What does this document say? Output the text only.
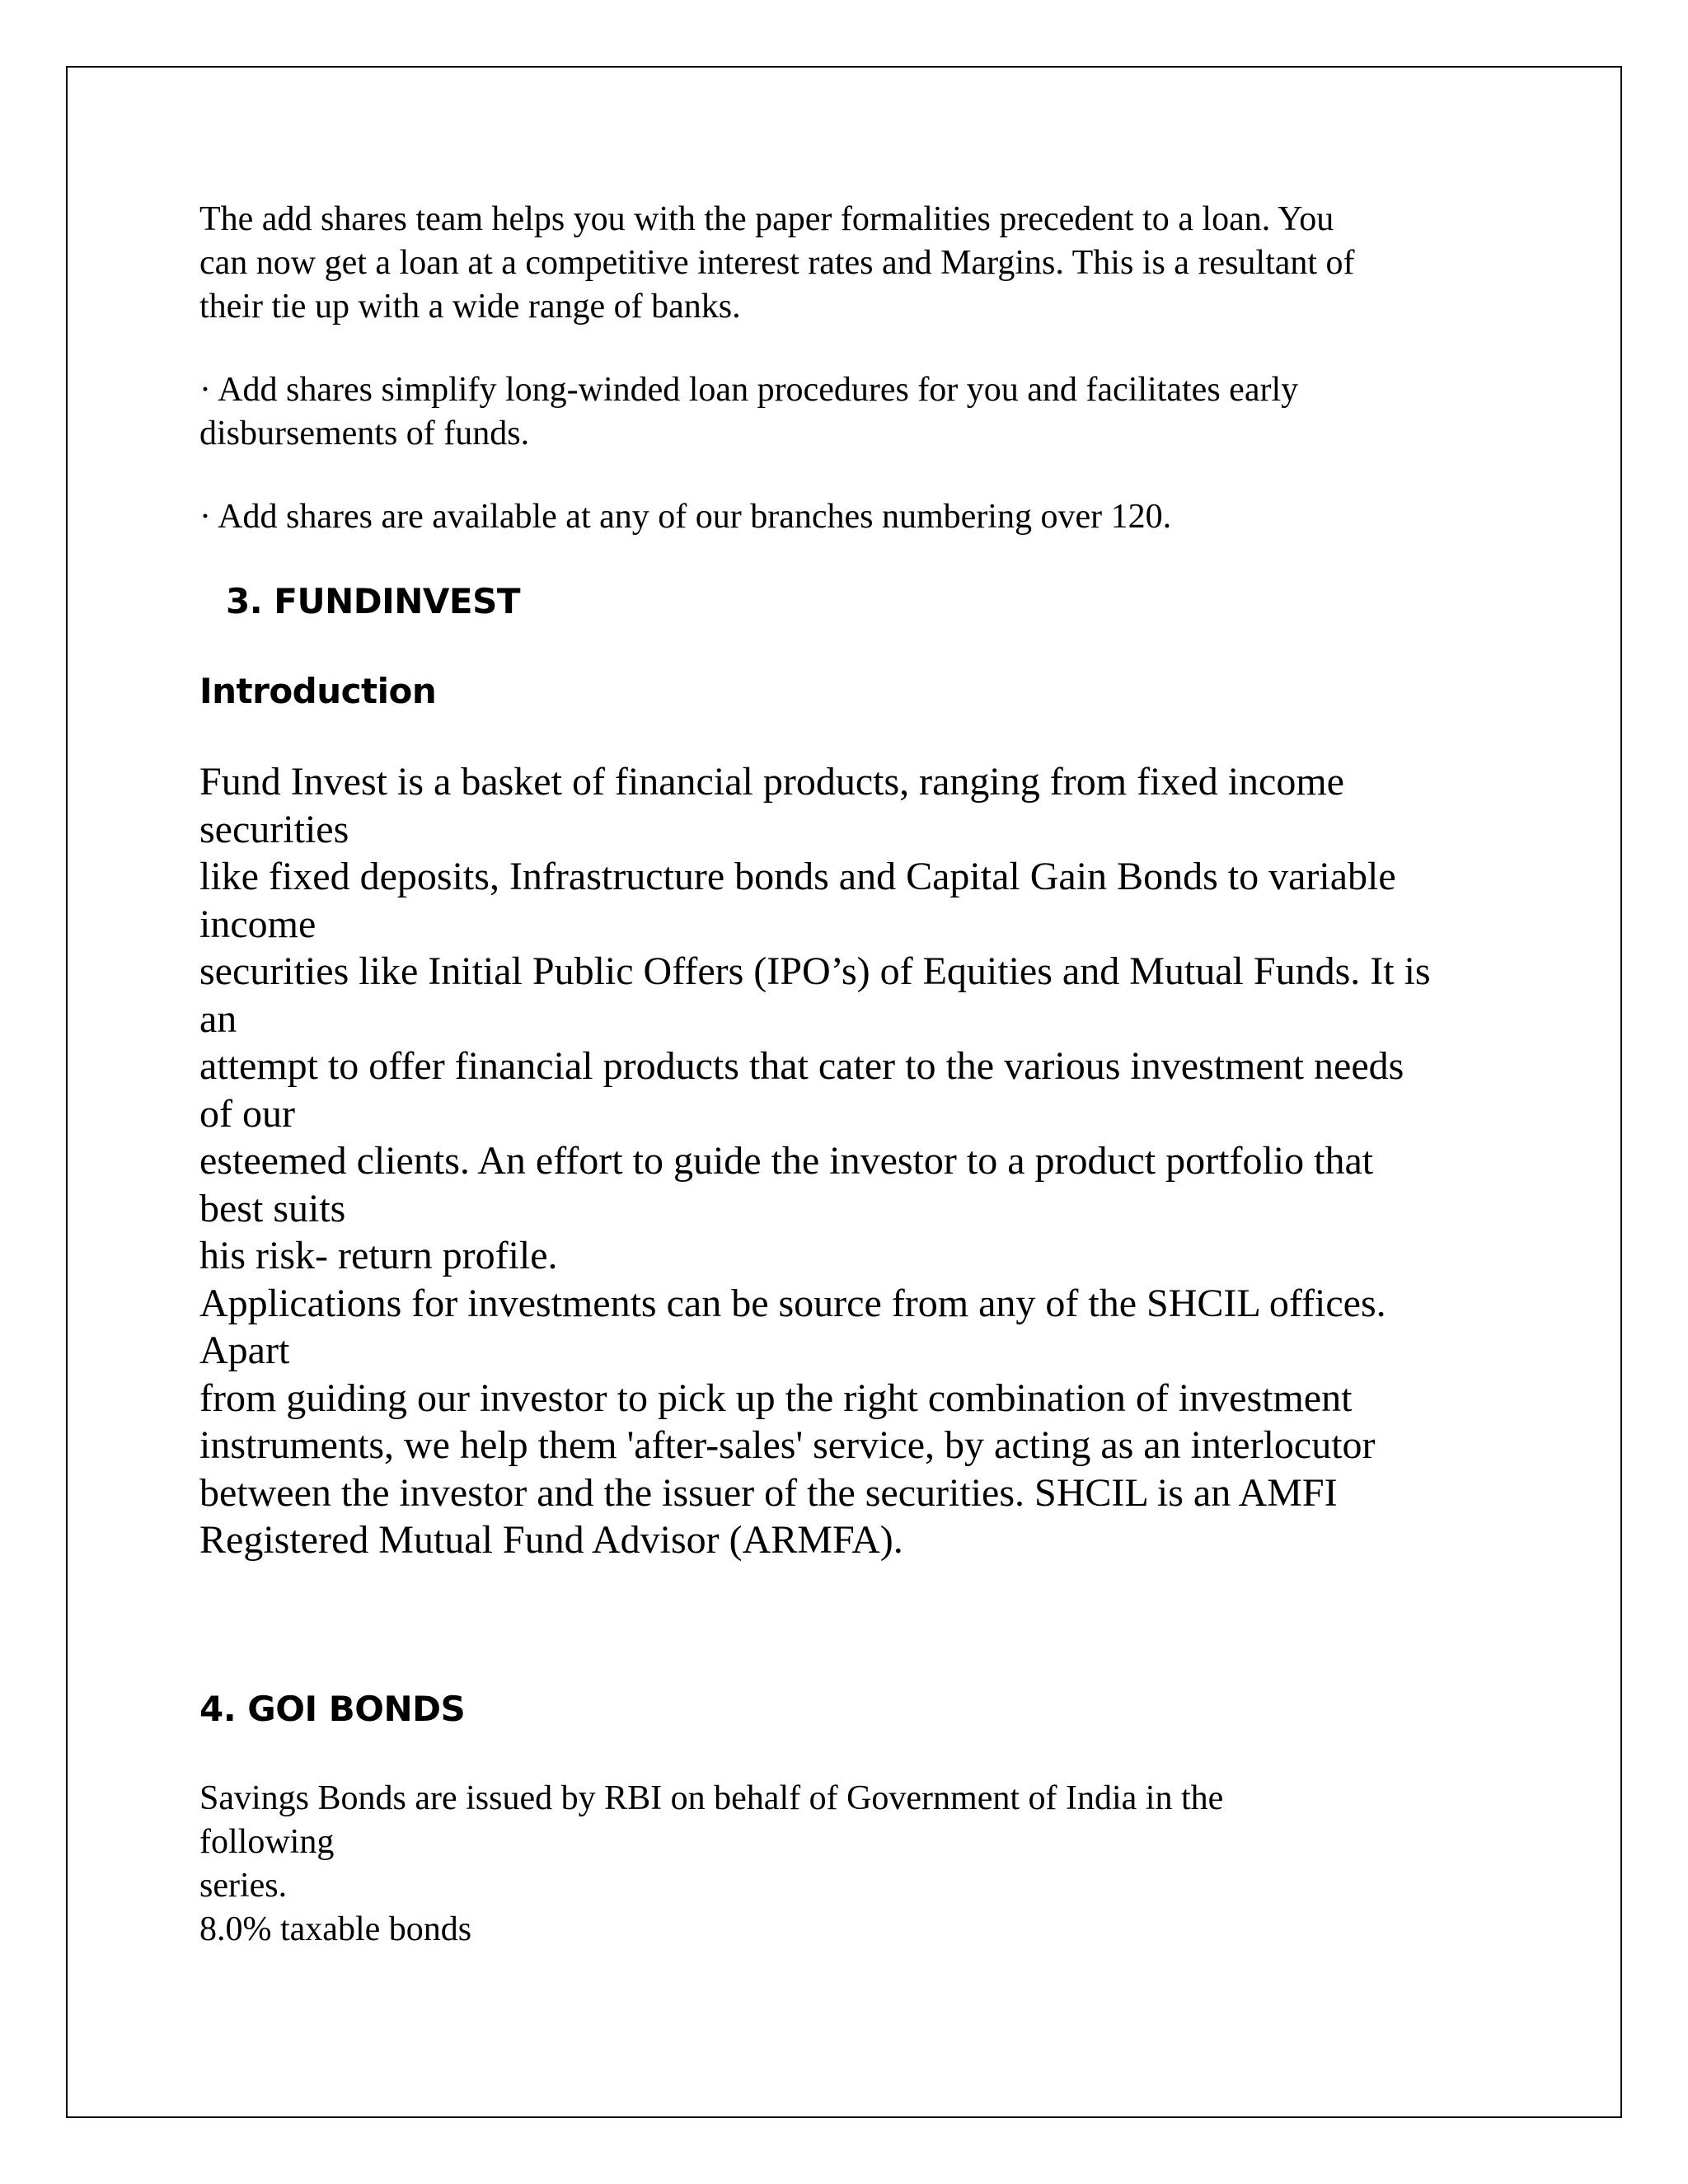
The add shares team helps you with the paper formalities precedent to a loan. You
can now get a loan at a competitive interest rates and Margins. This is a resultant of
their tie up with a wide range of banks.
· Add shares simplify long-winded loan procedures for you and facilitates early
disbursements of funds.
· Add shares are available at any of our branches numbering over 120.
3. FUNDINVEST
Introduction
Fund Invest is a basket of financial products, ranging from fixed income
securities
like fixed deposits, Infrastructure bonds and Capital Gain Bonds to variable
income
securities like Initial Public Offers (IPO’s) of Equities and Mutual Funds. It is
an
attempt to offer financial products that cater to the various investment needs
of our
esteemed clients. An effort to guide the investor to a product portfolio that
best suits
his risk- return profile.
Applications for investments can be source from any of the SHCIL offices.
Apart
from guiding our investor to pick up the right combination of investment
instruments, we help them 'after-sales' service, by acting as an interlocutor
between the investor and the issuer of the securities. SHCIL is an AMFI
Registered Mutual Fund Advisor (ARMFA).
4. GOI BONDS
Savings Bonds are issued by RBI on behalf of Government of India in the
following
series.
8.0% taxable bonds
